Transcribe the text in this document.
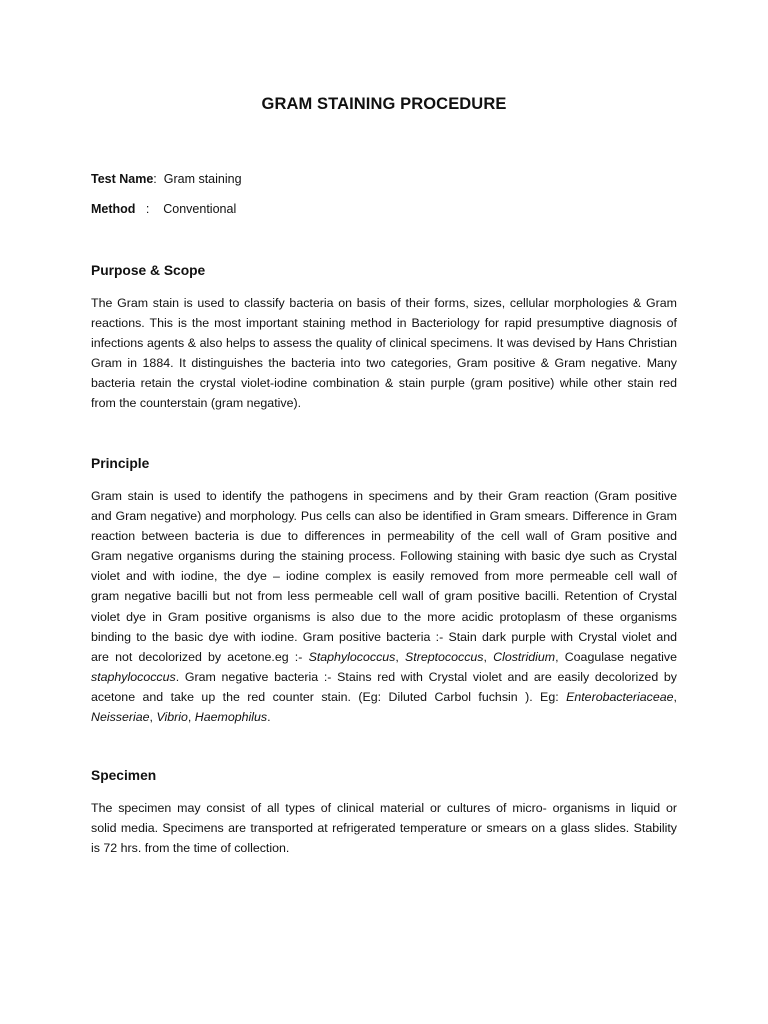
GRAM STAINING PROCEDURE
Test Name: Gram staining
Method : Conventional
Purpose & Scope
The Gram stain is used to classify bacteria on basis of their forms, sizes, cellular morphologies & Gram
reactions. This is the most important staining method in Bacteriology for rapid presumptive diagnosis of
infections agents & also helps to assess the quality of clinical specimens. It was devised by Hans Christian
Gram in 1884. It distinguishes the bacteria into two categories, Gram positive & Gram negative. Many
bacteria retain the crystal violet-iodine combination & stain purple (gram positive) while other stain red
from the counterstain (gram negative).
Principle
Gram stain is used to identify the pathogens in specimens and by their Gram reaction (Gram positive
and Gram negative) and morphology. Pus cells can also be identified in Gram smears. Difference in Gram
reaction between bacteria is due to differences in permeability of the cell wall of Gram positive and
Gram negative organisms during the staining process. Following staining with basic dye such as Crystal
violet and with iodine, the dye – iodine complex is easily removed from more permeable cell wall of
gram negative bacilli but not from less permeable cell wall of gram positive bacilli. Retention of Crystal
violet dye in Gram positive organisms is also due to the more acidic protoplasm of these organisms
binding to the basic dye with iodine. Gram positive bacteria :- Stain dark purple with Crystal violet and
are not decolorized by acetone.eg :- Staphylococcus, Streptococcus, Clostridium, Coagulase negative
staphylococcus. Gram negative bacteria :- Stains red with Crystal violet and are easily decolorized by
acetone and take up the red counter stain. (Eg: Diluted Carbol fuchsin ). Eg: Enterobacteriaceae,
Neisseriae, Vibrio, Haemophilus.
Specimen
The specimen may consist of all types of clinical material or cultures of micro- organisms in liquid or
solid media. Specimens are transported at refrigerated temperature or smears on a glass slides. Stability
is 72 hrs. from the time of collection.
